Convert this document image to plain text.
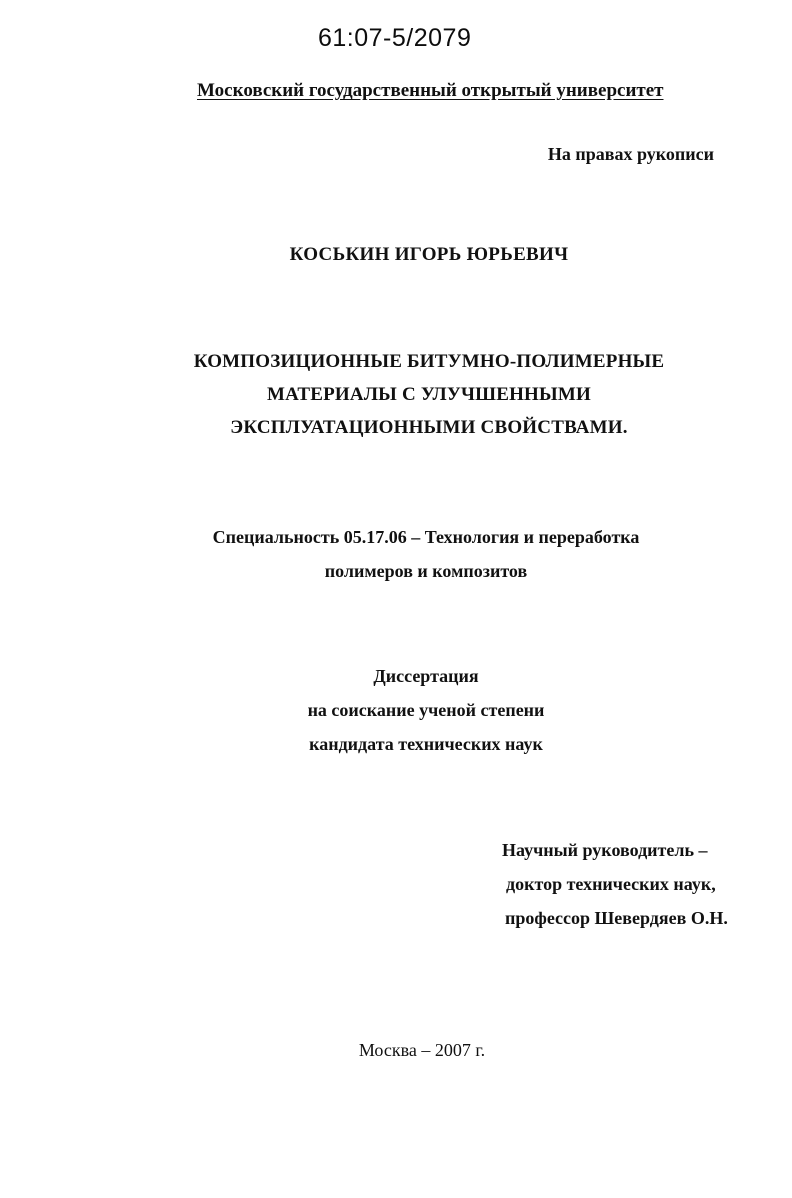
61:07-5/2079
Московский государственный открытый университет
На правах рукописи
КОСЬКИН ИГОРЬ ЮРЬЕВИЧ
КОМПОЗИЦИОННЫЕ БИТУМНО-ПОЛИМЕРНЫЕ
МАТЕРИАЛЫ С УЛУЧШЕННЫМИ
ЭКСПЛУАТАЦИОННЫМИ СВОЙСТВАМИ.
Специальность 05.17.06 – Технология и переработка
полимеров и композитов
Диссертация
на соискание ученой степени
кандидата технических наук
Научный руководитель –
доктор технических наук,
профессор Шевердяев О.Н.
Москва – 2007 г.
